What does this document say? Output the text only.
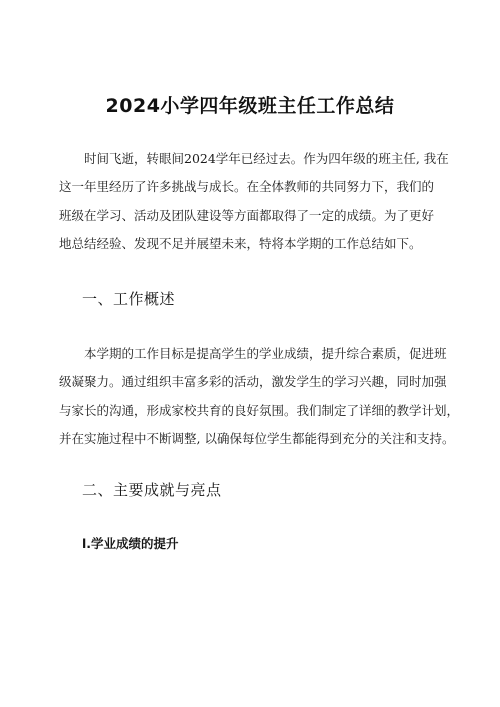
2024小学四年级班主任工作总结
时间飞逝，转眼间2024学年已经过去。作为四年级的班主任, 我在
这一年里经历了许多挑战与成长。在全体教师的共同努力下，我们的
班级在学习、活动及团队建设等方面都取得了一定的成绩。为了更好
地总结经验、发现不足并展望未来，特将本学期的工作总结如下。
一、工作概述
本学期的工作目标是提高学生的学业成绩，提升综合素质，促进班
级凝聚力。通过组织丰富多彩的活动，激发学生的学习兴趣，同时加强
与家长的沟通，形成家校共育的良好氛围。我们制定了详细的教学计划，
并在实施过程中不断调整, 以确保每位学生都能得到充分的关注和支持。
二、主要成就与亮点
l.学业成绩的提升
